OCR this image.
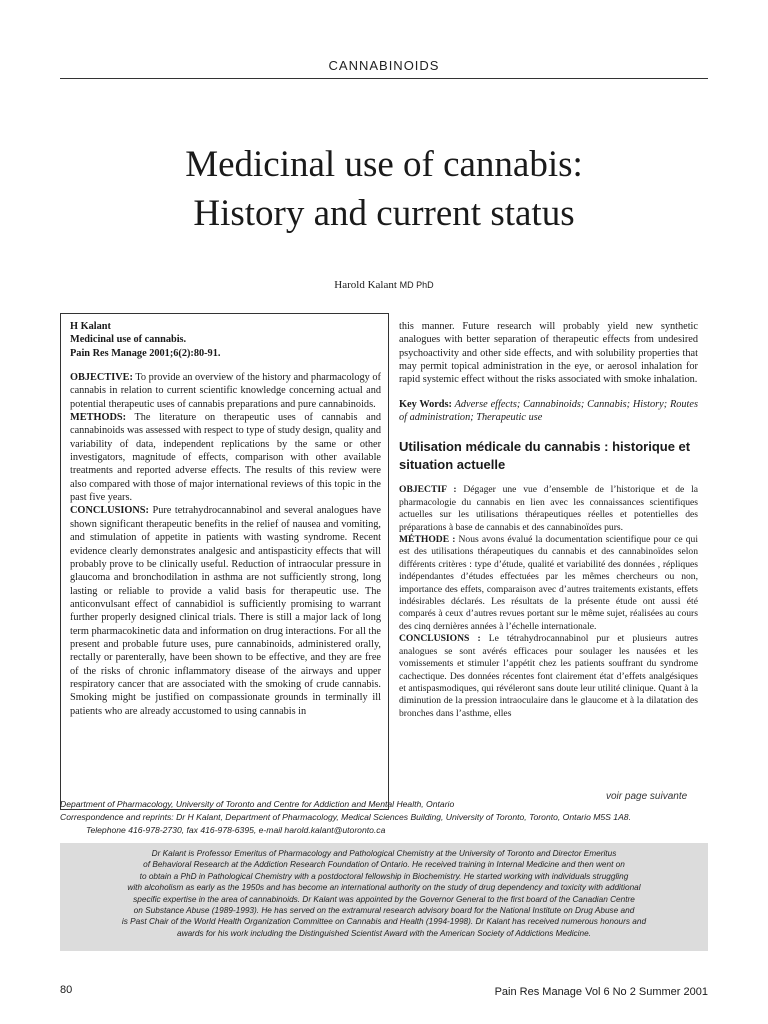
CANNABINOIDS
Medicinal use of cannabis:
History and current status
Harold Kalant MD PhD

H Kalant
Medicinal use of cannabis.
Pain Res Manage 2001;6(2):80-91.

OBJECTIVE: To provide an overview of the history and pharmacology of cannabis in relation to current scientific knowledge concerning actual and potential therapeutic uses of cannabis preparations and pure cannabinoids.

METHODS: The literature on therapeutic uses of cannabis and cannabinoids was assessed with respect to type of study design, quality and variability of data, independent replications by the same or other investigators, magnitude of effects, comparison with other available treatments and reported adverse effects. The results of this review were also compared with those of major international reviews of this topic in the past five years.

CONCLUSIONS: Pure tetrahydrocannabinol and several analogues have shown significant therapeutic benefits in the relief of nausea and vomiting, and stimulation of appetite in patients with wasting syndrome. Recent evidence clearly demonstrates analgesic and antispasticity effects that will probably prove to be clinically useful. Reduction of intraocular pressure in glaucoma and bronchodilation in asthma are not sufficiently strong, long lasting or reliable to provide a valid basis for therapeutic use. The anticonvulsant effect of cannabidiol is sufficiently promising to warrant further properly designed clinical trials. There is still a major lack of long term pharmacokinetic data and information on drug interactions. For all the present and probable future uses, pure cannabinoids, administered orally, rectally or parenterally, have been shown to be effective, and they are free of the risks of chronic inflammatory disease of the airways and upper respiratory cancer that are associated with the smoking of crude cannabis. Smoking might be justified on compassionate grounds in terminally ill patients who are already accustomed to using cannabis in

this manner. Future research will probably yield new synthetic analogues with better separation of therapeutic effects from undesired psychoactivity and other side effects, and with solubility properties that may permit topical administration in the eye, or aerosol inhalation for rapid systemic effect without the risks associated with smoke inhalation.

Key Words: Adverse effects; Cannabinoids; Cannabis; History; Routes of administration; Therapeutic use

Utilisation médicale du cannabis : historique et situation actuelle

OBJECTIF : Dégager une vue d’ensemble de l’historique et de la pharmacologie du cannabis en lien avec les connaissances scientifiques actuelles sur les utilisations thérapeutiques réelles et potentielles des préparations à base de cannabis et des cannabinoïdes purs.

MÉTHODE : Nous avons évalué la documentation scientifique pour ce qui est des utilisations thérapeutiques du cannabis et des cannabinoïdes selon différents critères : type d’étude, qualité et variabilité des données , répliques indépendantes d’études effectuées par les mêmes chercheurs ou non, importance des effets, comparaison avec d’autres traitements existants, effets indésirables déclarés. Les résultats de la présente étude ont aussi été comparés à ceux d’autres revues portant sur le même sujet, réalisées au cours des cinq dernières années à l’échelle internationale.

CONCLUSIONS : Le tétrahydrocannabinol pur et plusieurs autres analogues se sont avérés efficaces pour soulager les nausées et les vomissements et stimuler l’appétit chez les patients souffrant du syndrome cachectique. Des données récentes font clairement état d’effets analgésiques et antispasmodiques, qui révéleront sans doute leur utilité clinique. Quant à la diminution de la pression intraoculaire dans le glaucome et à la dilatation des bronches dans l’asthme, elles

voir page suivante
Department of Pharmacology, University of Toronto and Centre for Addiction and Mental Health, Ontario
Correspondence and reprints: Dr H Kalant, Department of Pharmacology, Medical Sciences Building, University of Toronto, Toronto, Ontario M5S 1A8.
Telephone 416-978-2730, fax 416-978-6395, e-mail harold.kalant@utoronto.ca
Dr Kalant is Professor Emeritus of Pharmacology and Pathological Chemistry at the University of Toronto and Director Emeritus
of Behavioral Research at the Addiction Research Foundation of Ontario. He received training in Internal Medicine and then went on
to obtain a PhD in Pathological Chemistry with a postdoctoral fellowship in Biochemistry. He started working with individuals struggling
with alcoholism as early as the 1950s and has become an international authority on the study of drug dependency and toxicity with additional
specific expertise in the area of cannabinoids. Dr Kalant was appointed by the Governor General to the first board of the Canadian Centre
on Substance Abuse (1989-1993). He has served on the extramural research advisory board for the National Institute on Drug Abuse and
is Past Chair of the World Health Organization Committee on Cannabis and Health (1994-1998). Dr Kalant has received numerous honours and
awards for his work including the Distinguished Scientist Award with the American Society of Addictions Medicine.
80	Pain Res Manage Vol 6 No 2 Summer 2001
